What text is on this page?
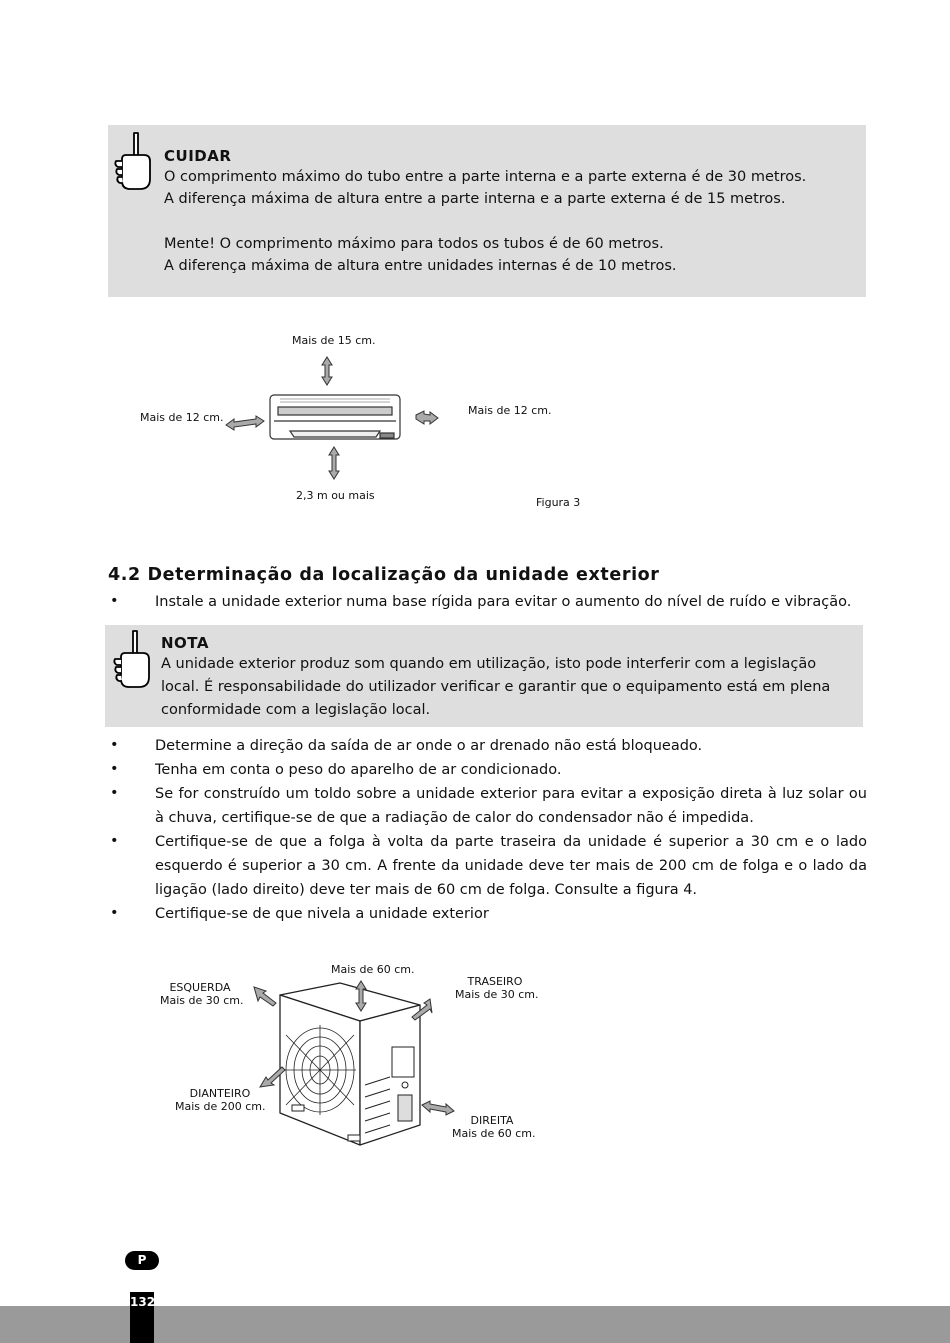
CUIDAR
O comprimento máximo do tubo entre a parte interna e a parte externa é de 30 metros.
A diferença máxima de altura entre a parte interna e a parte externa é de 15 metros.
Mente! O comprimento máximo para todos os tubos é de 60 metros.
A diferença máxima de altura entre unidades internas é de 10 metros.
Mais de 15 cm.
Mais de 12 cm.
Mais de 12 cm.
2,3 m ou mais
Figura 3
4.2 Determinação da localização da unidade exterior
•	Instale a unidade exterior numa base rígida para evitar o aumento do nível de ruído e vibração.
NOTA
A unidade exterior produz som quando em utilização, isto pode interferir com a legislação
local. É responsabilidade do utilizador verificar e garantir que o equipamento está em plena
conformidade com a legislação local.
•	Determine a direção da saída de ar onde o ar drenado não está bloqueado.
•	Tenha em conta o peso do aparelho de ar condicionado.
•	Se for construído um toldo sobre a unidade exterior para evitar a exposição direta à luz solar ou à chuva, certifique-se de que a radiação de calor do condensador não é impedida.
•	Certifique-se de que a folga à volta da parte traseira da unidade é superior a 30 cm e o lado esquerdo é superior a 30 cm. A frente da unidade deve ter mais de 200 cm de folga e o lado da ligação (lado direito) deve ter mais de 60 cm de folga. Consulte a figura 4.
•	Certifique-se de que nivela a unidade exterior
Mais de 60 cm.
ESQUERDA
Mais de 30 cm.
TRASEIRO
Mais de 30 cm.
DIANTEIRO
Mais de 200 cm.
DIREITA
Mais de 60 cm.
P
132
